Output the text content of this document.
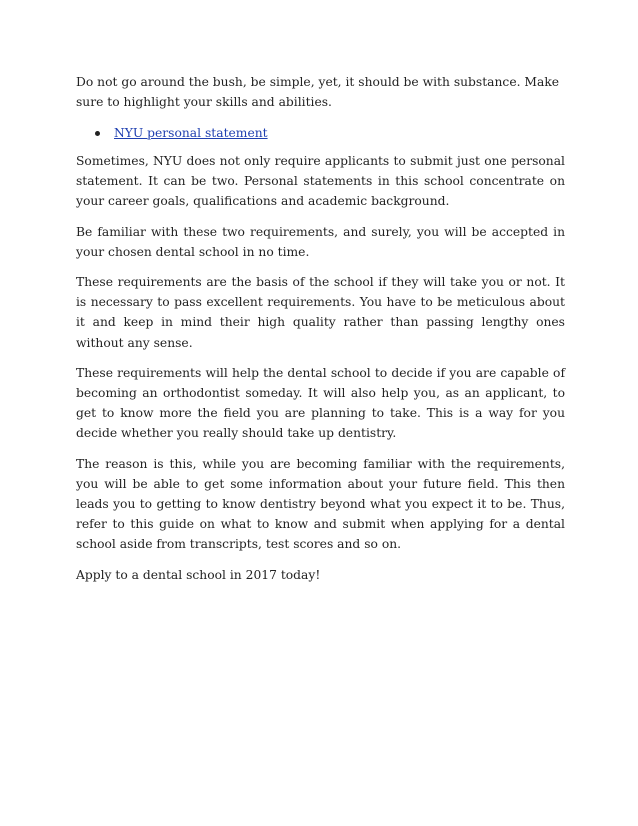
Do not go around the bush, be simple, yet, it should be with substance. Make sure to highlight your skills and abilities.

NYU personal statement

Sometimes, NYU does not only require applicants to submit just one personal statement. It can be two. Personal statements in this school concentrate on your career goals, qualifications and academic background.

Be familiar with these two requirements, and surely, you will be accepted in your chosen dental school in no time.

These requirements are the basis of the school if they will take you or not. It is necessary to pass excellent requirements. You have to be meticulous about it and keep in mind their high quality rather than passing lengthy ones without any sense.

These requirements will help the dental school to decide if you are capable of becoming an orthodontist someday. It will also help you, as an applicant, to get to know more the field you are planning to take. This is a way for you decide whether you really should take up dentistry.

The reason is this, while you are becoming familiar with the requirements, you will be able to get some information about your future field. This then leads you to getting to know dentistry beyond what you expect it to be. Thus, refer to this guide on what to know and submit when applying for a dental school aside from transcripts, test scores and so on.

Apply to a dental school in 2017 today!
